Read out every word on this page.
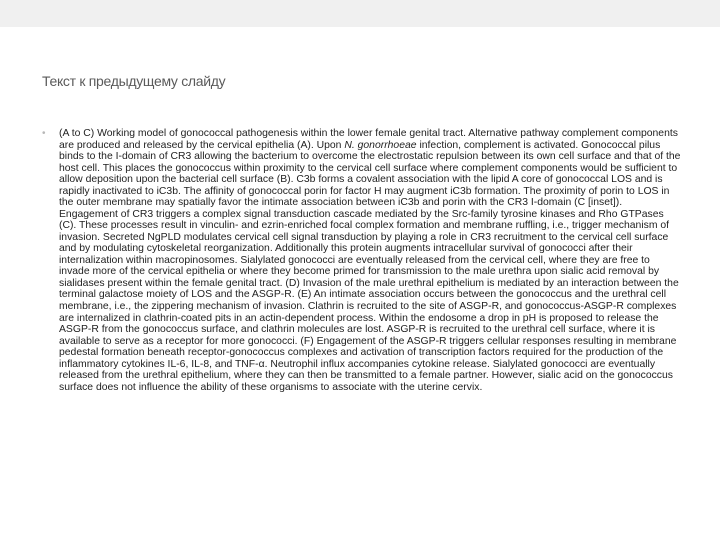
Текст к предыдущему слайду
• (A to C) Working model of gonococcal pathogenesis within the lower female genital tract. Alternative pathway complement components are produced and released by the cervical epithelia (A). Upon N. gonorrhoeae infection, complement is activated. Gonococcal pilus binds to the I-domain of CR3 allowing the bacterium to overcome the electrostatic repulsion between its own cell surface and that of the host cell. This places the gonococcus within proximity to the cervical cell surface where complement components would be sufficient to allow deposition upon the bacterial cell surface (B). C3b forms a covalent association with the lipid A core of gonococcal LOS and is rapidly inactivated to iC3b. The affinity of gonococcal porin for factor H may augment iC3b formation. The proximity of porin to LOS in the outer membrane may spatially favor the intimate association between iC3b and porin with the CR3 I-domain (C [inset]). Engagement of CR3 triggers a complex signal transduction cascade mediated by the Src-family tyrosine kinases and Rho GTPases (C). These processes result in vinculin- and ezrin-enriched focal complex formation and membrane ruffling, i.e., trigger mechanism of invasion. Secreted NgPLD modulates cervical cell signal transduction by playing a role in CR3 recruitment to the cervical cell surface and by modulating cytoskeletal reorganization. Additionally this protein augments intracellular survival of gonococci after their internalization within macropinosomes. Sialylated gonococci are eventually released from the cervical cell, where they are free to invade more of the cervical epithelia or where they become primed for transmission to the male urethra upon sialic acid removal by sialidases present within the female genital tract. (D) Invasion of the male urethral epithelium is mediated by an interaction between the terminal galactose moiety of LOS and the ASGP-R. (E) An intimate association occurs between the gonococcus and the urethral cell membrane, i.e., the zippering mechanism of invasion. Clathrin is recruited to the site of ASGP-R, and gonococcus-ASGP-R complexes are internalized in clathrin-coated pits in an actin-dependent process. Within the endosome a drop in pH is proposed to release the ASGP-R from the gonococcus surface, and clathrin molecules are lost. ASGP-R is recruited to the urethral cell surface, where it is available to serve as a receptor for more gonococci. (F) Engagement of the ASGP-R triggers cellular responses resulting in membrane pedestal formation beneath receptor-gonococcus complexes and activation of transcription factors required for the production of the inflammatory cytokines IL-6, IL-8, and TNF-α. Neutrophil influx accompanies cytokine release. Sialylated gonococci are eventually released from the urethral epithelium, where they can then be transmitted to a female partner. However, sialic acid on the gonococcus surface does not influence the ability of these organisms to associate with the uterine cervix.
